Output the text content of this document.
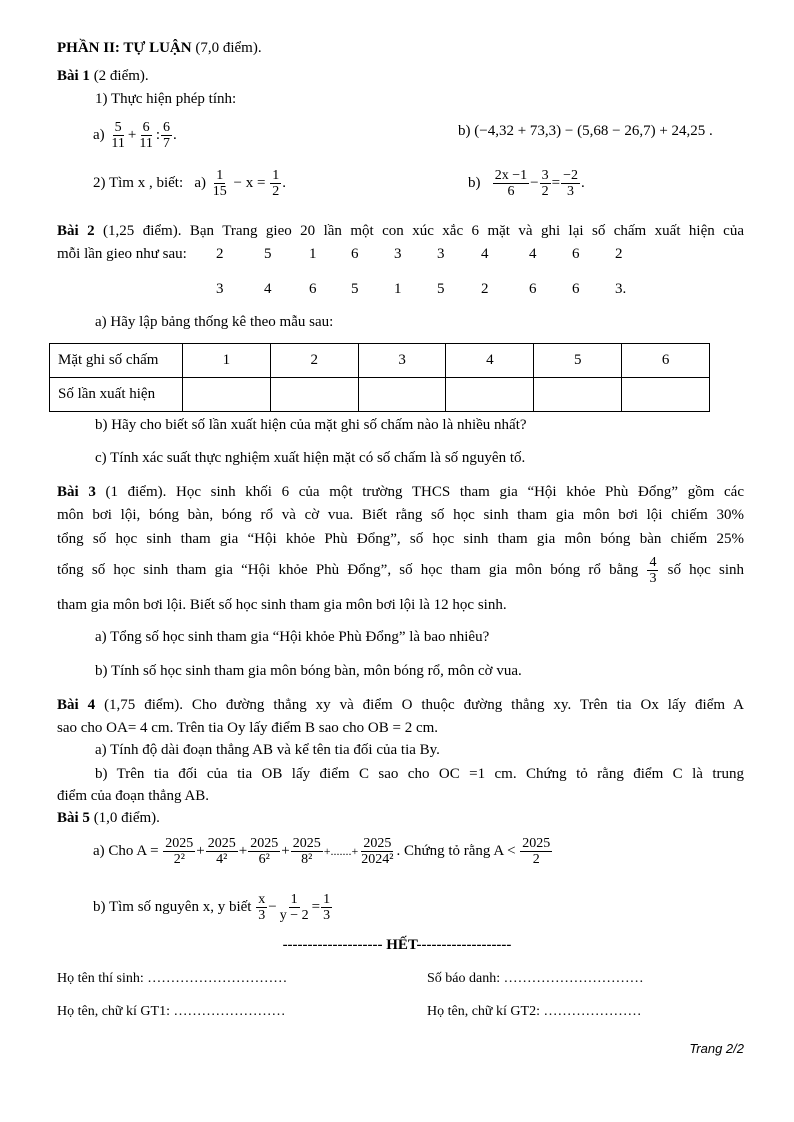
PHẦN II: TỰ LUẬN (7,0 điểm).
Bài 1 (2 điểm).
1) Thực hiện phép tính:
$a) \frac{5}{11} + \frac{6}{11}$ : $\frac{6}{7}$ .	b) (−4,32 + 73,3) − (5,68 − 26,7) + 24,25 .
2) Tìm x , biết: $a) \frac{1}{15} - x = \frac{1}{2}$ .	$b) \frac{2x -1}{6} - \frac{3}{2} = \frac{-2}{3}$ .
Bài 2 (1,25 điểm). Bạn Trang gieo 20 lần một con xúc xắc 6 mặt và ghi lại số chấm xuất hiện của
mỗi lần gieo như sau: 2	5	1 6 3 3 4	4 6 2
3	4	6 5 1 5 2	6 6 3.
a) Hãy lập bảng thống kê theo mẫu sau:
Mặt ghi số chấm	1	2	3	4	5	6
Số lần xuất hiện						
b) Hãy cho biết số lần xuất hiện của mặt ghi số chấm nào là nhiều nhất?
c) Tính xác suất thực nghiệm xuất hiện mặt có số chấm là số nguyên tố.
Bài 3 (1 điểm). Học sinh khối 6 của một trường THCS tham gia “Hội khỏe Phù Đổng” gồm các
môn bơi lội, bóng bàn, bóng rổ và cờ vua. Biết rằng số học sinh tham gia môn bơi lội chiếm 30%
tổng số học sinh tham gia “Hội khỏe Phù Đổng”, số học sinh tham gia môn bóng bàn chiếm 25%
tổng số học sinh tham gia “Hội khỏe Phù Đổng”, số học tham gia môn bóng rổ bằng $\frac{4}{3}$ số học sinh
tham gia môn bơi lội. Biết số học sinh tham gia môn bơi lội là 12 học sinh.
a) Tổng số học sinh tham gia “Hội khỏe Phù Đổng” là bao nhiêu?
b) Tính số học sinh tham gia môn bóng bàn, môn bóng rổ, môn cờ vua.
Bài 4 (1,75 điểm). Cho đường thẳng xy và điểm O thuộc đường thẳng xy. Trên tia Ox lấy điểm A
sao cho OA= 4 cm. Trên tia Oy lấy điểm B sao cho OB = 2 cm.
a) Tính độ dài đoạn thẳng AB và kể tên tia đối của tia By.
b) Trên tia đối của tia OB lấy điểm C sao cho OC =1 cm. Chứng tỏ rằng điểm C là trung
điểm của đoạn thẳng AB.
Bài 5 (1,0 điểm).
a) Cho $A = \frac{2025}{\text{2²}} + \frac{2025}{\text{4²}} + \frac{2025}{\text{6²}} + \frac{2025}{\text{8²}}$ +.......+ $\frac{2025}{\text{2024²}}$ . Chứng tỏ rằng $A < \frac{2025}{2}$
b) Tìm số nguyên x, y biết $\frac{x}{3} - \frac{1}{y - 2} = \frac{1}{3}$
-------------------- HẾT-------------------
Họ tên thí sinh: …………………………	Số báo danh: …………………………
Họ tên, chữ kí GT1: ……………………	Họ tên, chữ kí GT2: …………………
Trang 2/2
